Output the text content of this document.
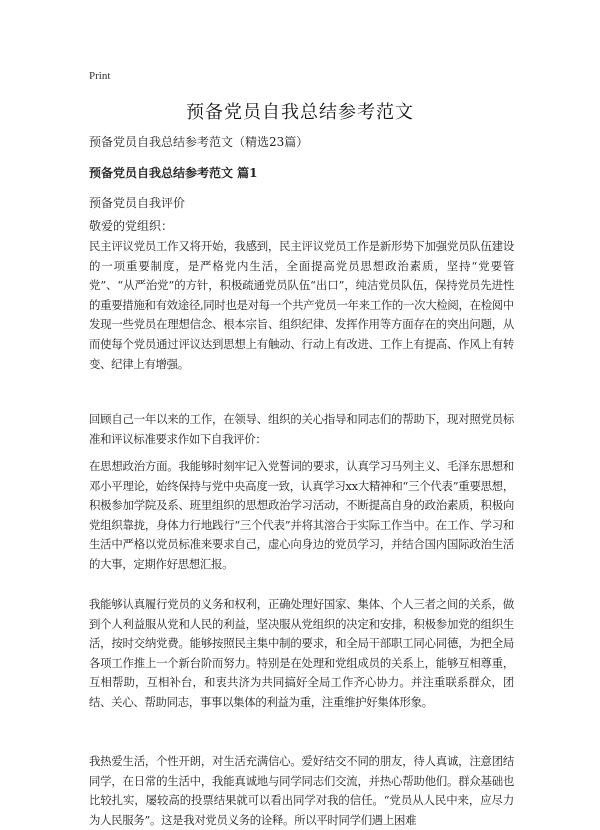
Print
预备党员自我总结参考范文
预备党员自我总结参考范文（精选23篇）
预备党员自我总结参考范文 篇1
预备党员自我评价
敬爱的党组织：
民主评议党员工作又将开始，我感到，民主评议党员工作是新形势下加强党员队伍建设的一项重要制度，是严格党内生活，全面提高党员思想政治素质，坚持“党要管党”、“从严治党”的方针，积极疏通党员队伍“出口”，纯洁党员队伍，保持党员先进性的重要措施和有效途径,同时也是对每一个共产党员一年来工作的一次大检阅，在检阅中发现一些党员在理想信念、根本宗旨、组织纪律、发挥作用等方面存在的突出问题，从而使每个党员通过评议达到思想上有触动、行动上有改进、工作上有提高、作风上有转变、纪律上有增强。
回顾自己一年以来的工作，在领导、组织的关心指导和同志们的帮助下，现对照党员标准和评议标准要求作如下自我评价：
在思想政治方面。我能够时刻牢记入党誓词的要求，认真学习马列主义、毛泽东思想和邓小平理论，始终保持与党中央高度一致，认真学习xx大精神和“三个代表”重要思想，积极参加学院及系、班里组织的思想政治学习活动，不断提高自身的政治素质，积极向党组织靠拢，身体力行地践行“三个代表”并将其溶合于实际工作当中。在工作、学习和生活中严格以党员标准来要求自己，虚心向身边的党员学习，并结合国内国际政治生活的大事，定期作好思想汇报。
我能够认真履行党员的义务和权利，正确处理好国家、集体、个人三者之间的关系，做到个人利益服从党和人民的利益，坚决服从党组织的决定和安排，积极参加党的组织生活，按时交纳党费。能够按照民主集中制的要求，和全局干部职工同心同德，为把全局各项工作推上一个新台阶而努力。特别是在处理和党组成员的关系上，能够互相尊重，互相帮助，互相补台，和衷共济为共同搞好全局工作齐心协力。并注重联系群众，团结、关心、帮助同志，事事以集体的利益为重，注重维护好集体形象。
我热爱生活，个性开朗，对生活充满信心。爱好结交不同的朋友，待人真诚，注意团结同学，在日常的生活中，我能真诚地与同学同志们交流，并热心帮助他们。群众基础也比较扎实，屡较高的投票结果就可以看出同学对我的信任。“党员从人民中来，应尽力为人民服务”。这是我对党员义务的诠释。所以平时同学们遇上困难
